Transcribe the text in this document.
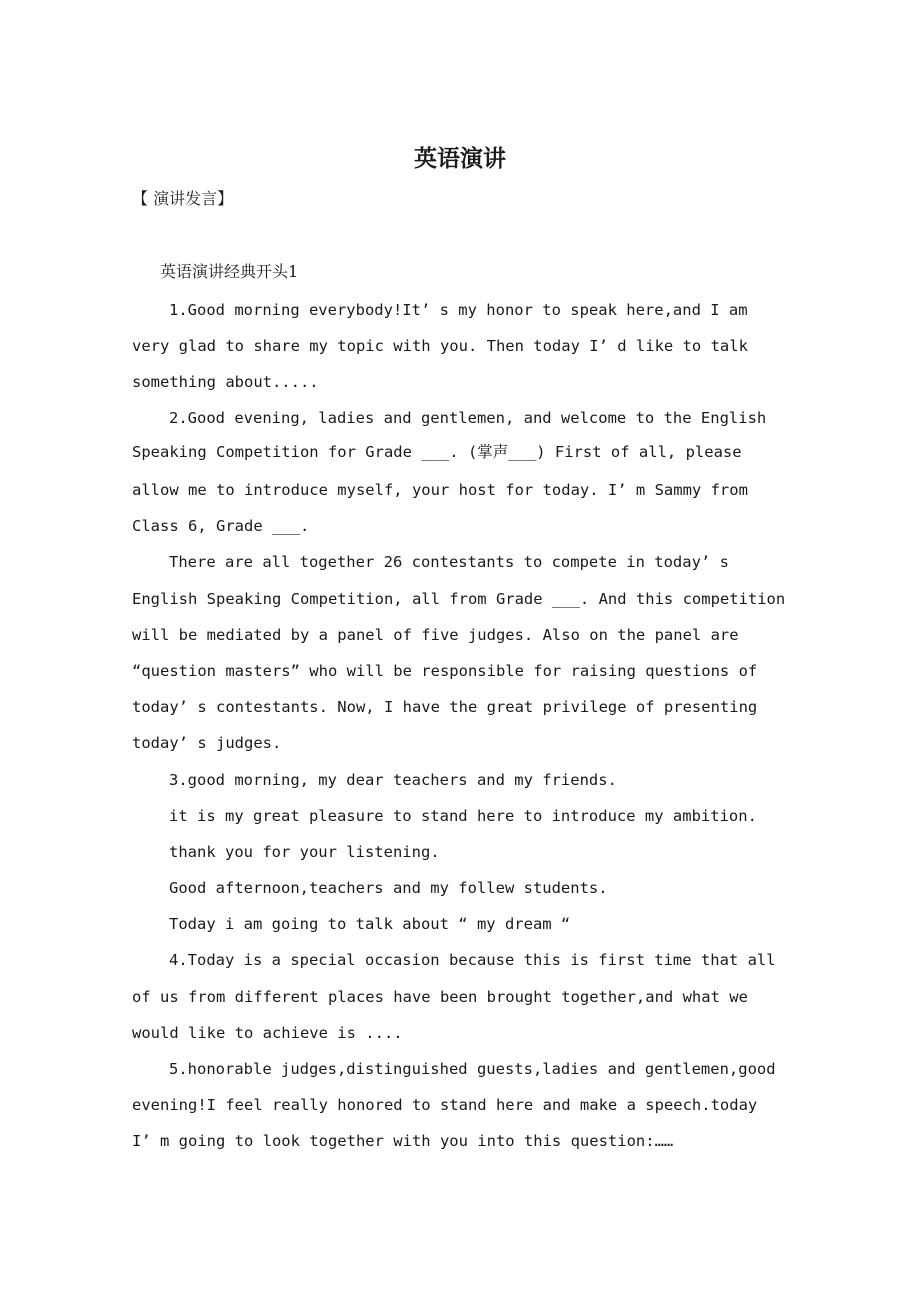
英语演讲

【 演讲发言】

英语演讲经典开头1

1.Good morning everybody!It’ s my honor to speak here,and I am

very glad to share my topic with you. Then today I’ d like to talk

something about.....

2.Good evening, ladies and gentlemen, and welcome to the English

Speaking Competition for Grade ___. (掌声___) First of all, please

allow me to introduce myself, your host for today. I’ m Sammy from

Class 6, Grade ___.

There are all together 26 contestants to compete in today’ s

English Speaking Competition, all from Grade ___. And this competition

will be mediated by a panel of five judges. Also on the panel are

“question masters” who will be responsible for raising questions of

today’ s contestants. Now, I have the great privilege of presenting

today’ s judges.

3.good morning, my dear teachers and my friends.

it is my great pleasure to stand here to introduce my ambition.

thank you for your listening.

Good afternoon,teachers and my follew students.

Today i am going to talk about “ my dream “

4.Today is a special occasion because this is first time that all

of us from different places have been brought together,and what we

would like to achieve is ....

5.honorable judges,distinguished guests,ladies and gentlemen,good

evening!I feel really honored to stand here and make a speech.today

I’ m going to look together with you into this question:……
